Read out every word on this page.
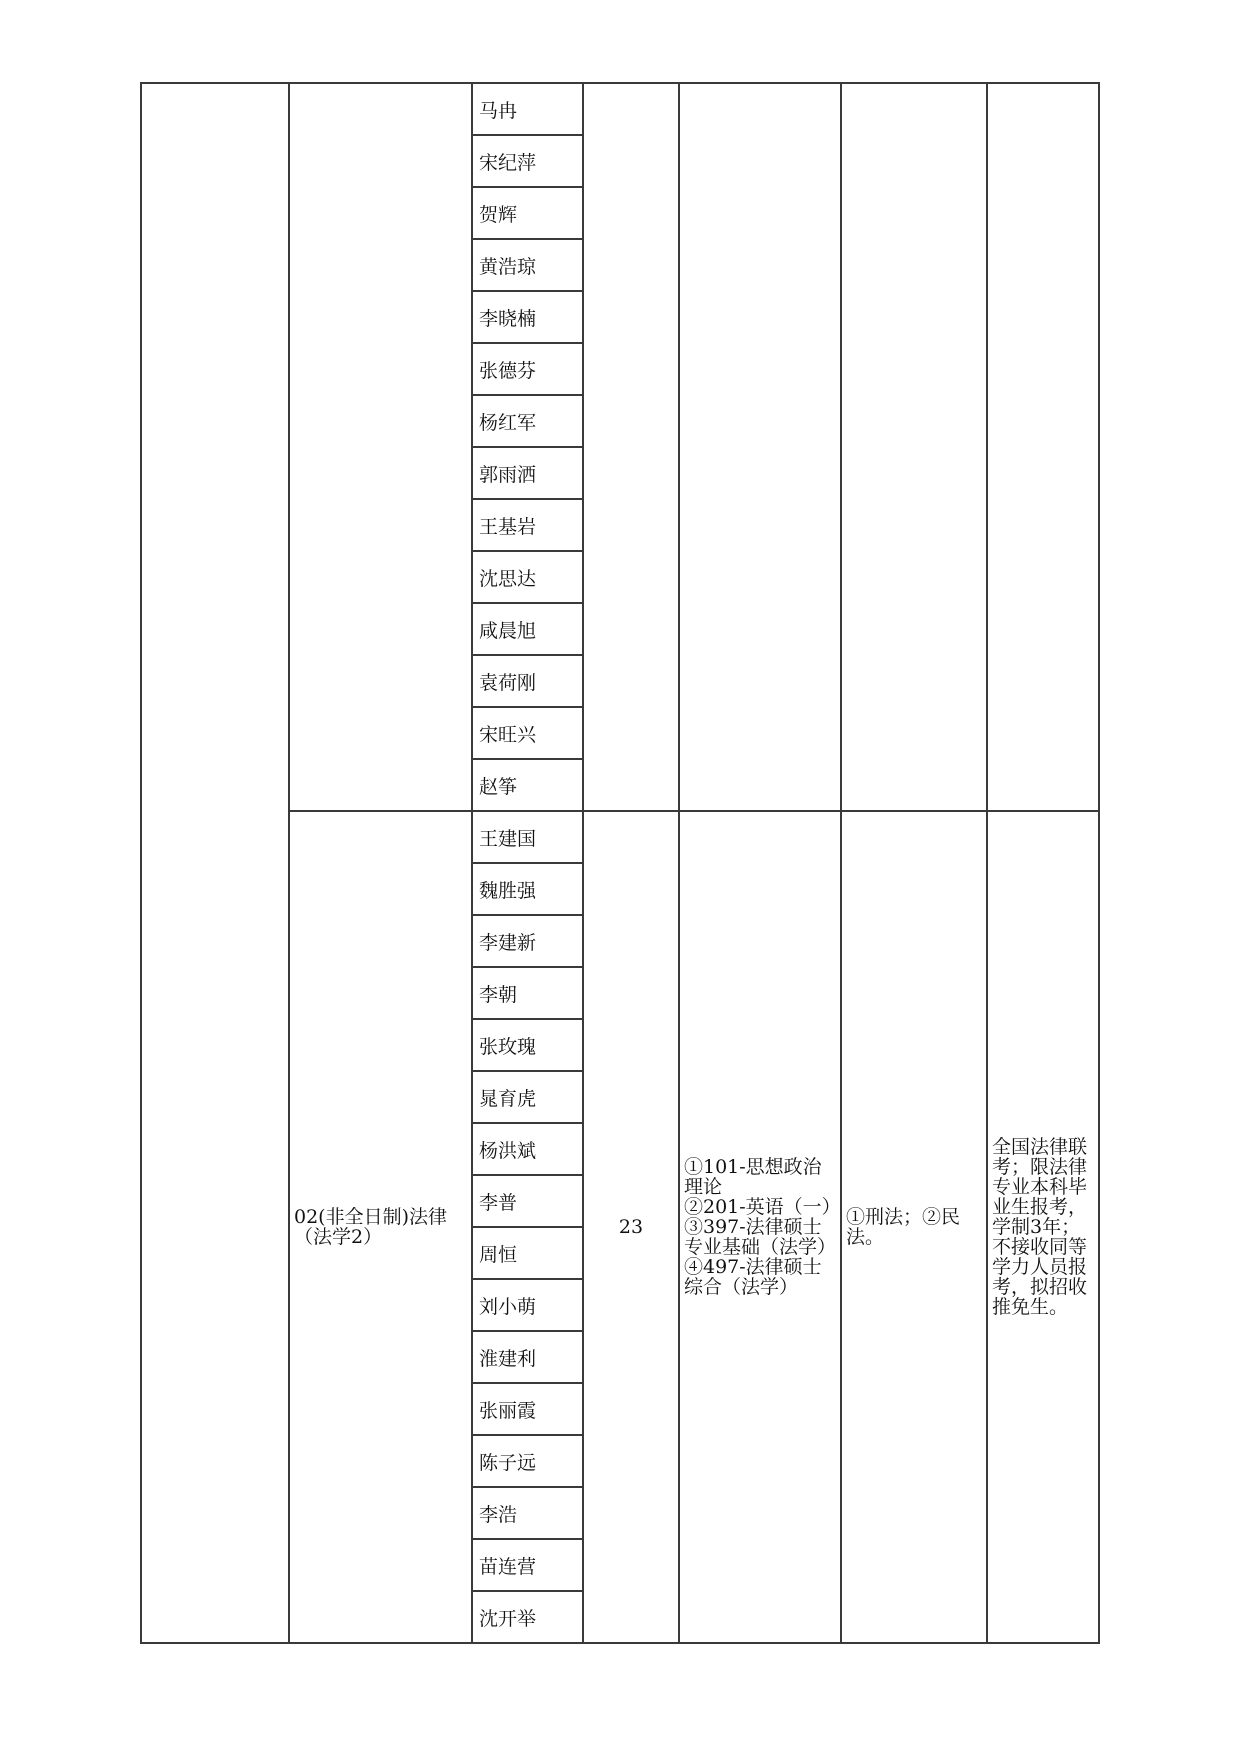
		马冉				
		宋纪萍				
		贺辉				
		黄浩琼				
		李晓楠				
		张德芬				
		杨红军				
		郭雨洒				
		王基岩				
		沈思达				
		咸晨旭				
		袁荷刚				
		宋旺兴				
		赵筝				
	02(非全日制)法律（法学2）	王建国	23	①101-思想政治理论
②201-英语（一）
③397-法律硕士专业基础（法学）
④497-法律硕士综合（法学）	①刑法；②民法。	全国法律联考；限法律专业本科毕业生报考，学制3年；不接收同等学力人员报考，拟招收推免生。
		魏胜强				
		李建新				
		李朝				
		张玫瑰				
		晁育虎				
		杨洪斌				
		李普				
		周恒				
		刘小萌				
		淮建利				
		张丽霞				
		陈子远				
		李浩				
		苗连营				
		沈开举				
